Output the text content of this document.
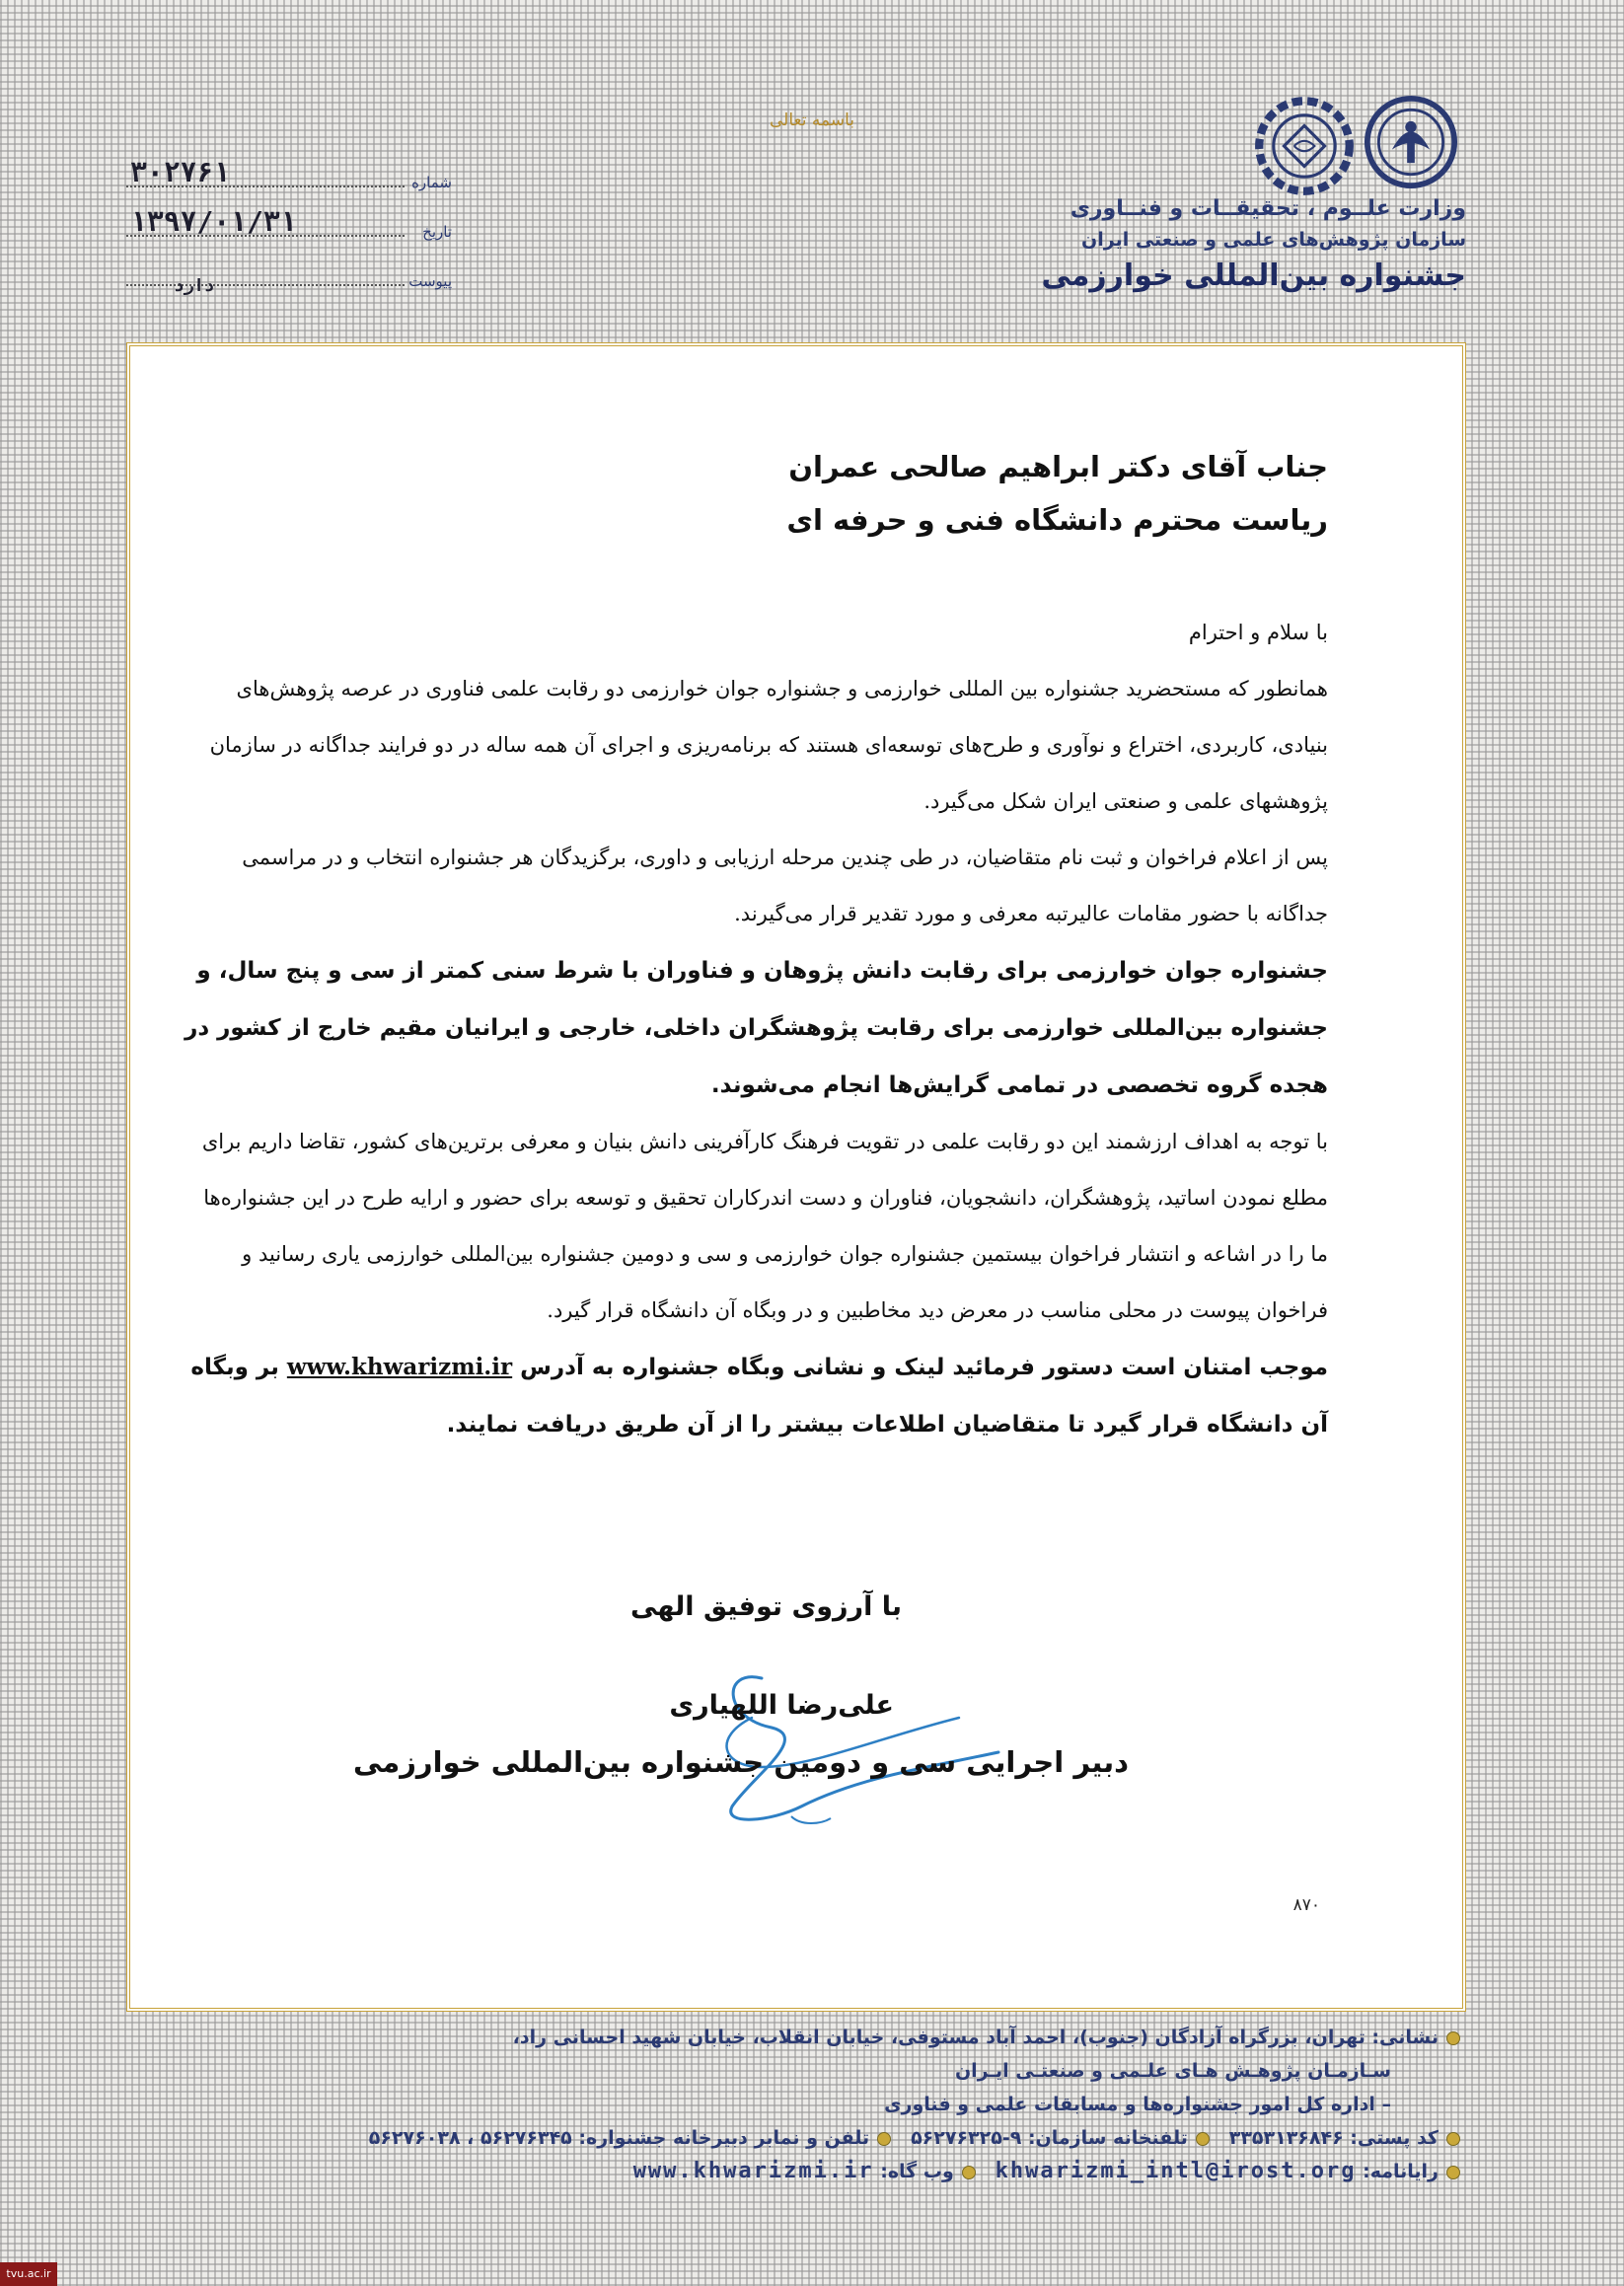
باسمه تعالی
وزارت علــوم ، تحقیقــات و فنــاوری
سازمان پژوهش‌های علمی و صنعتی ایران
جشنواره بین‌المللی خوارزمی
شماره
۳۰۲۷۶۱
تاریخ
۱۳۹۷/۰۱/۳۱
پیوست
دارد
جناب آقای دکتر ابراهیم صالحی عمران
ریاست محترم دانشگاه فنی و حرفه ای

با سلام و احترام

همانطور که مستحضرید جشنواره بین المللی خوارزمی و جشنواره جوان خوارزمی دو رقابت علمی فناوری در عرصه پژوهش‌های بنیادی، کاربردی، اختراع و نوآوری و طرح‌های توسعه‌ای هستند که برنامه‌ریزی و اجرای آن همه ساله در دو فرایند جداگانه در سازمان پژوهشهای علمی و صنعتی ایران شکل می‌گیرد.

پس از اعلام فراخوان و ثبت نام متقاضیان، در طی چندین مرحله ارزیابی و داوری، برگزیدگان هر جشنواره انتخاب و در مراسمی جداگانه با حضور مقامات عالیرتبه معرفی و مورد تقدیر قرار می‌گیرند.

جشنواره جوان خوارزمی برای رقابت دانش پژوهان و فناوران با شرط سنی کمتر از سی و پنج سال، و جشنواره بین‌المللی خوارزمی برای رقابت پژوهشگران داخلی، خارجی و ایرانیان مقیم خارج از کشور در هجده گروه تخصصی در تمامی گرایش‌ها انجام می‌شوند.

با توجه به اهداف ارزشمند این دو رقابت علمی در تقویت فرهنگ کارآفرینی دانش بنیان و معرفی برترین‌های کشور، تقاضا داریم برای مطلع نمودن اساتید، پژوهشگران، دانشجویان، فناوران و دست اندرکاران تحقیق و توسعه برای حضور و ارایه طرح در این جشنواره‌ها ما را در اشاعه و انتشار فراخوان بیستمین جشنواره جوان خوارزمی و سی و دومین جشنواره بین‌المللی خوارزمی یاری رسانید و فراخوان پیوست در محلی مناسب در معرض دید مخاطبین و در وبگاه آن دانشگاه قرار گیرد.

موجب امتنان است دستور فرمائید لینک و نشانی وبگاه جشنواره به آدرس www.khwarizmi.ir بر وبگاه آن دانشگاه قرار گیرد تا متقاضیان اطلاعات بیشتر را از آن طریق دریافت نمایند.

با آرزوی توفیق الهی
علی‌رضا اللهیاری
دبیر اجرایی سی و دومین جشنواره بین‌المللی خوارزمی
۸۷۰
نشانی: تهران، بزرگراه آزادگان (جنوب)، احمد آباد مستوفی، خیابان انقلاب، خیابان شهید احسانی راد،
سـازمـان پژوهـش هـای علـمی و صنعتـی ایـران
– اداره کل امور جشنواره‌ها و مسابقات علمی و فناوری
کد پستی: ۳۳۵۳۱۳۶۸۴۶   تلفنخانه سازمان: ۹-۵۶۲۷۶۳۲۵   تلفن و نمابر دبیرخانه جشنواره: ۵۶۲۷۶۳۴۵ ، ۵۶۲۷۶۰۳۸
رایانامه: khwarizmi_intl@irost.org   وب گاه: www.khwarizmi.ir
tvu.ac.ir
